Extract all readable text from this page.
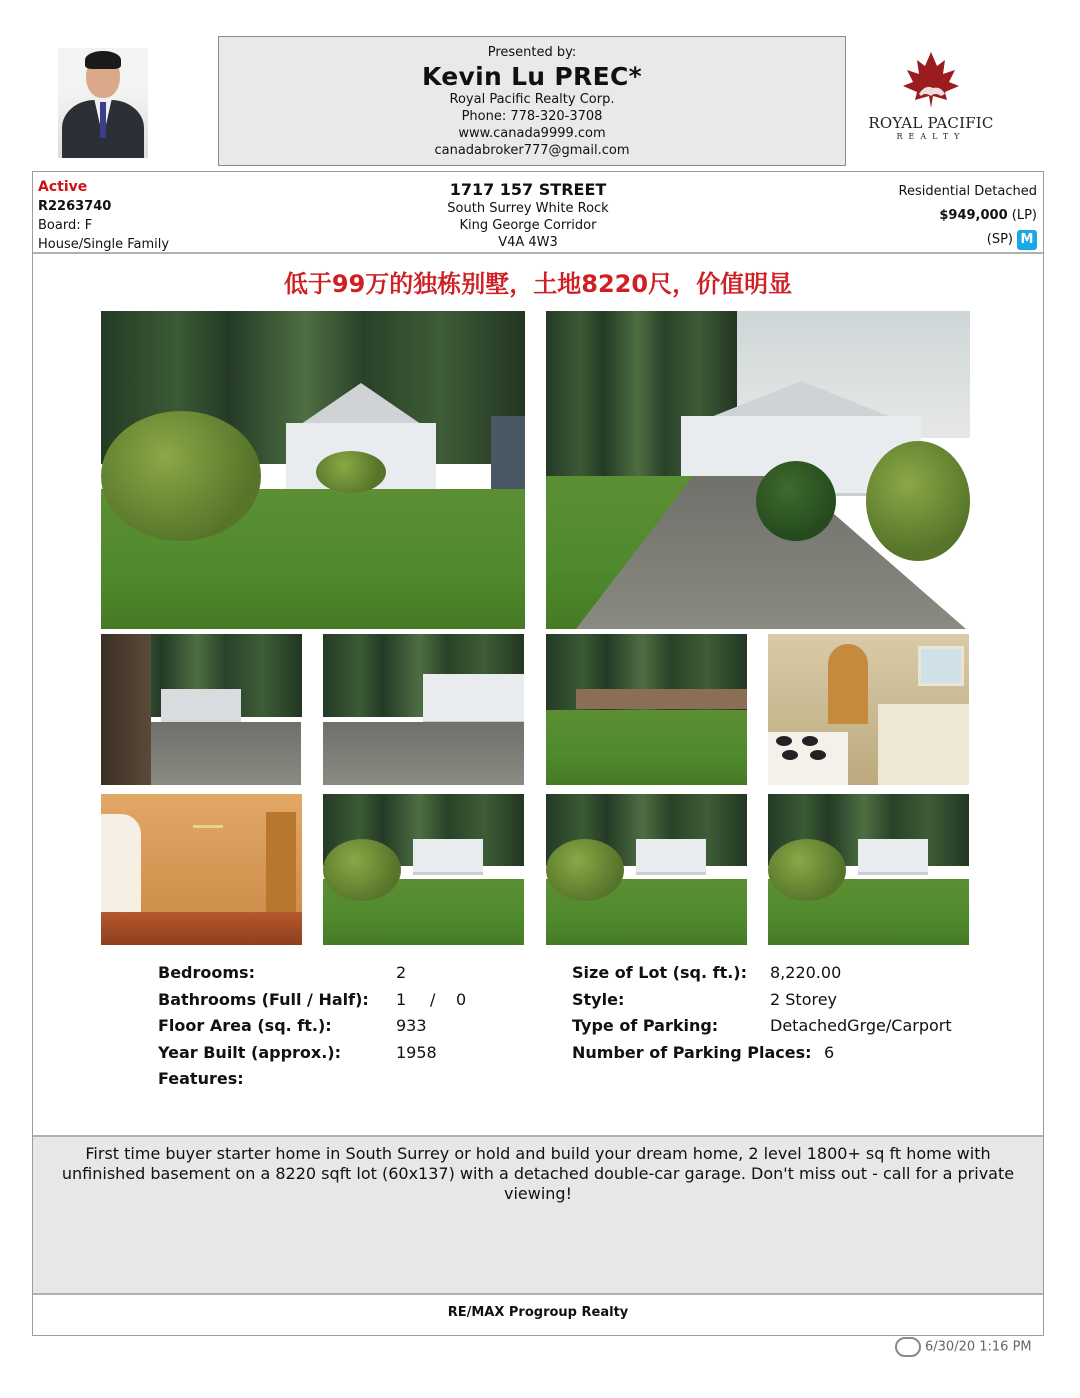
Presented by:
Kevin Lu PREC*
Royal Pacific Realty Corp.
Phone: 778-320-3708
www.canada9999.com
canadabroker777@gmail.com
ROYAL PACIFIC
REALTY
Active
R2263740
Board: F
House/Single Family
1717 157 STREET
South Surrey White Rock
King George Corridor
V4A 4W3
Residential Detached
$949,000 (LP)
(SP) M
低于99万的独栋别墅，土地8220尺，价值明显
Bedrooms:	2
Bathrooms (Full / Half): 1 / 0
Floor Area (sq. ft.):	933
Year Built (approx.):	1958
Features:
Size of Lot (sq. ft.): 8,220.00
Style:	2 Storey
Type of Parking:	DetachedGrge/Carport
Number of Parking Places: 6
First time buyer starter home in South Surrey or hold and build your dream home, 2 level 1800+ sq ft home with unfinished basement on a 8220 sqft lot (60x137) with a detached double-car garage. Don't miss out - call for a private viewing!
RE/MAX Progroup Realty
6/30/20 1:16 PM
